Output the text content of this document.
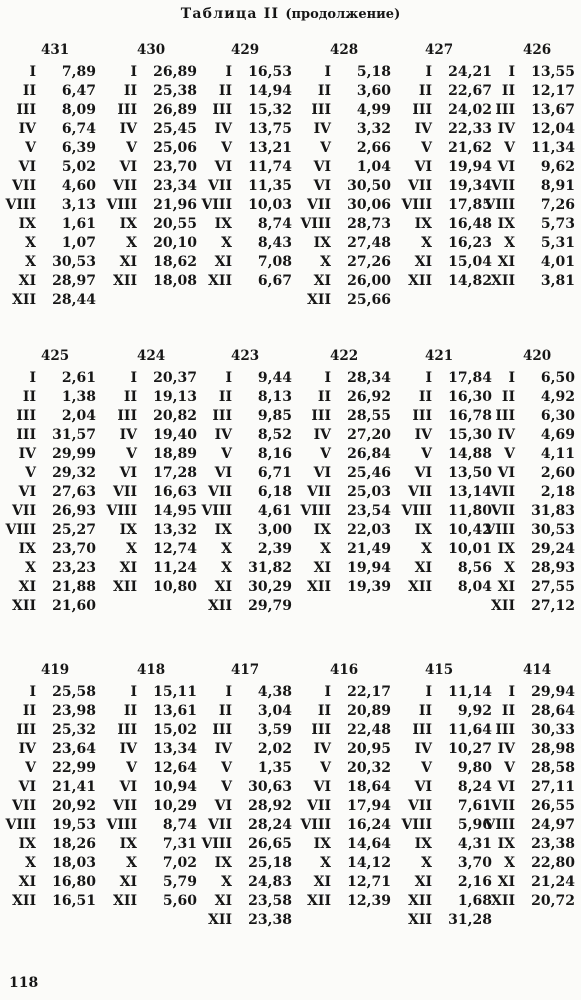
Таблица II (продолжение)
431
I	7,89
II	6,47
III	8,09
IV	6,74
V	6,39
VI	5,02
VII	4,60
VIII	3,13
IX	1,61
X	1,07
X	30,53
XI	28,97
XII	28,44
430
I	26,89
II	25,38
III	26,89
IV	25,45
V	25,06
VI	23,70
VII	23,34
VIII	21,96
IX	20,55
X	20,10
XI	18,62
XII	18,08
429
I	16,53
II	14,94
III	15,32
IV	13,75
V	13,21
VI	11,74
VII	11,35
VIII	10,03
IX	8,74
X	8,43
XI	7,08
XII	6,67
428
I	5,18
II	3,60
III	4,99
IV	3,32
V	2,66
VI	1,04
VI	30,50
VII	30,06
VIII	28,73
IX	27,48
X	27,26
XI	26,00
XII	25,66
427
I	24,21
II	22,67
III	24,02
IV	22,33
V	21,62
VI	19,94
VII	19,34
VIII	17,85
IX	16,48
X	16,23
XI	15,04
XII	14,82
426
I	13,55
II	12,17
III	13,67
IV	12,04
V	11,34
VI	9,62
VII	8,91
VIII	7,26
IX	5,73
X	5,31
XI	4,01
XII	3,81
425
I	2,61
II	1,38
III	2,04
III	31,57
IV	29,99
V	29,32
VI	27,63
VII	26,93
VIII	25,27
IX	23,70
X	23,23
XI	21,88
XII	21,60
424
I	20,37
II	19,13
III	20,82
IV	19,40
V	18,89
VI	17,28
VII	16,63
VIII	14,95
IX	13,32
X	12,74
XI	11,24
XII	10,80
423
I	9,44
II	8,13
III	9,85
IV	8,52
V	8,16
VI	6,71
VII	6,18
VIII	4,61
IX	3,00
X	2,39
X	31,82
XI	30,29
XII	29,79
422
I	28,34
II	26,92
III	28,55
IV	27,20
V	26,84
VI	25,46
VII	25,03
VIII	23,54
IX	22,03
X	21,49
XI	19,94
XII	19,39
421
I	17,84
II	16,30
III	16,78
IV	15,30
V	14,88
VI	13,50
VII	13,14
VIII	11,80
IX	10,42
X	10,01
XI	8,56
XII	8,04
420
I	6,50
II	4,92
III	6,30
IV	4,69
V	4,11
VI	2,60
VII	2,18
VII	31,83
VIII	30,53
IX	29,24
X	28,93
XI	27,55
XII	27,12
419
I	25,58
II	23,98
III	25,32
IV	23,64
V	22,99
VI	21,41
VII	20,92
VIII	19,53
IX	18,26
X	18,03
XI	16,80
XII	16,51
418
I	15,11
II	13,61
III	15,02
IV	13,34
V	12,64
VI	10,94
VII	10,29
VIII	8,74
IX	7,31
X	7,02
XI	5,79
XII	5,60
417
I	4,38
II	3,04
III	3,59
IV	2,02
V	1,35
V	30,63
VI	28,92
VII	28,24
VIII	26,65
IX	25,18
X	24,83
XI	23,58
XII	23,38
416
I	22,17
II	20,89
III	22,48
IV	20,95
V	20,32
VI	18,64
VII	17,94
VIII	16,24
IX	14,64
X	14,12
XI	12,71
XII	12,39
415
I	11,14
II	9,92
III	11,64
IV	10,27
V	9,80
VI	8,24
VII	7,61
VIII	5,96
IX	4,31
X	3,70
XI	2,16
XII	1,68
XII	31,28
414
I	29,94
II	28,64
III	30,33
IV	28,98
V	28,58
VI	27,11
VII	26,55
VIII	24,97
IX	23,38
X	22,80
XI	21,24
XII	20,72
118
